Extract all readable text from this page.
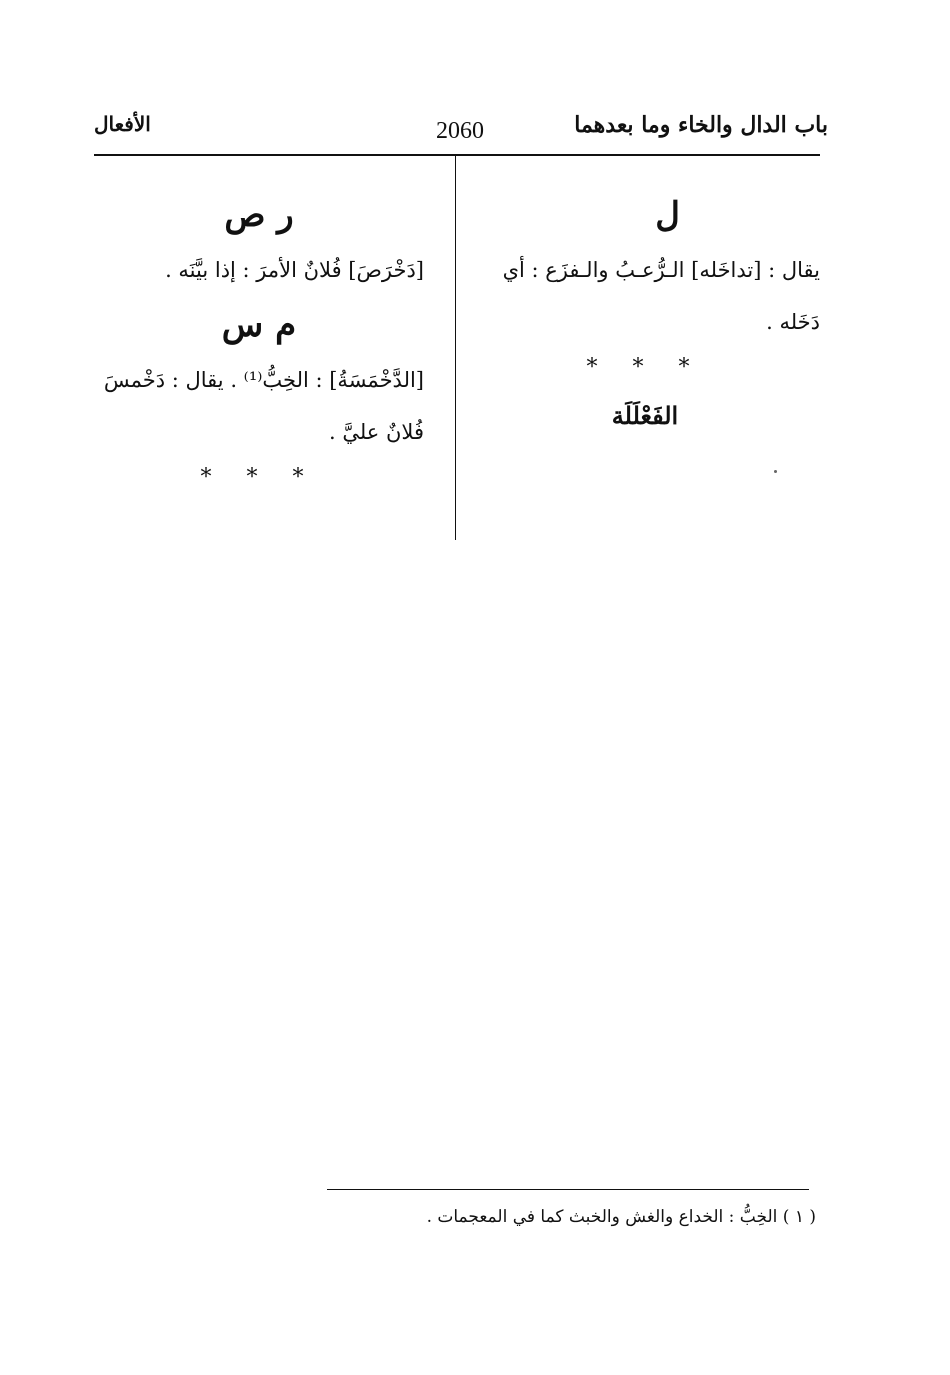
باب الدال والخاء وما بعدهما
2060
الأفعال
ل

يقال : [تداخَله] الـرُّعـبُ والـفزَع : أي دَخَله .

* * *
الفَعْلَلَة
ر ص

[دَخْرَصَ] فُلانٌ الأمرَ : إذا بيَّنَه .

م س

[الدَّخْمَسَةُ] : الخِبُّ⁽¹⁾ . يقال : دَخْمسَ فُلانٌ عليَّ .

* * *
( ١ ) الخِبُّ : الخداع والغش والخبث كما في المعجمات .
